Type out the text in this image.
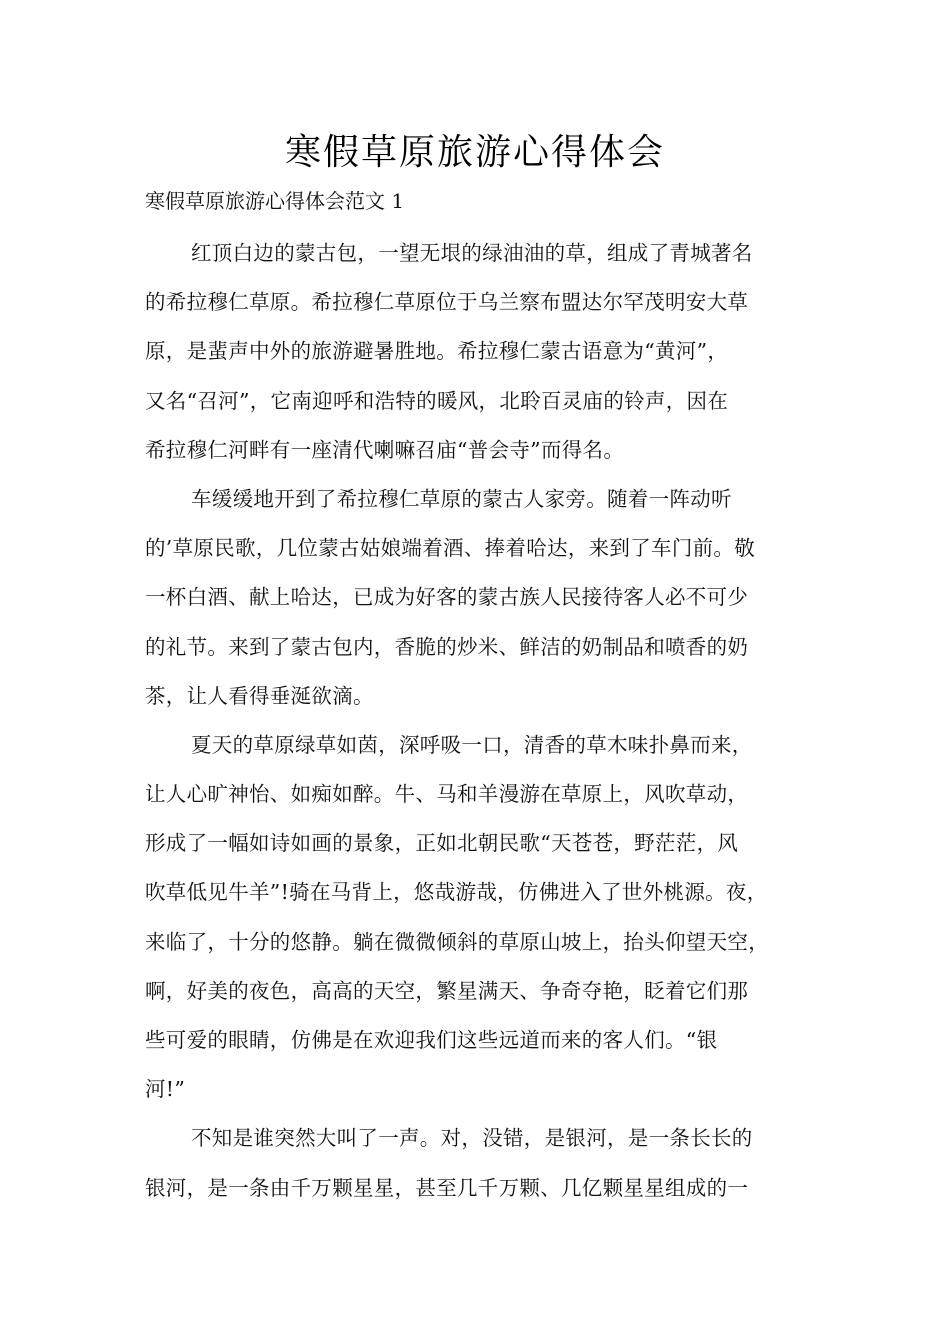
寒假草原旅游心得体会
寒假草原旅游心得体会范文 1
红顶白边的蒙古包，一望无垠的绿油油的草，组成了青城著名
的希拉穆仁草原。希拉穆仁草原位于乌兰察布盟达尔罕茂明安大草
原，是蜚声中外的旅游避暑胜地。希拉穆仁蒙古语意为“黄河”，
又名“召河”，它南迎呼和浩特的暖风，北聆百灵庙的铃声，因在
希拉穆仁河畔有一座清代喇嘛召庙“普会寺”而得名。
车缓缓地开到了希拉穆仁草原的蒙古人家旁。随着一阵动听
的’草原民歌，几位蒙古姑娘端着酒、捧着哈达，来到了车门前。敬
一杯白酒、献上哈达，已成为好客的蒙古族人民接待客人必不可少
的礼节。来到了蒙古包内，香脆的炒米、鲜洁的奶制品和喷香的奶
茶，让人看得垂涎欲滴。
夏天的草原绿草如茵，深呼吸一口，清香的草木味扑鼻而来，
让人心旷神怡、如痴如醉。牛、马和羊漫游在草原上，风吹草动，
形成了一幅如诗如画的景象，正如北朝民歌“天苍苍，野茫茫，风
吹草低见牛羊”!骑在马背上，悠哉游哉，仿佛进入了世外桃源。夜，
来临了，十分的悠静。躺在微微倾斜的草原山坡上，抬头仰望天空，
啊，好美的夜色，高高的天空，繁星满天、争奇夺艳，眨着它们那
些可爱的眼睛，仿佛是在欢迎我们这些远道而来的客人们。“银
河!”
不知是谁突然大叫了一声。对，没错，是银河，是一条长长的
银河，是一条由千万颗星星，甚至几千万颗、几亿颗星星组成的一
